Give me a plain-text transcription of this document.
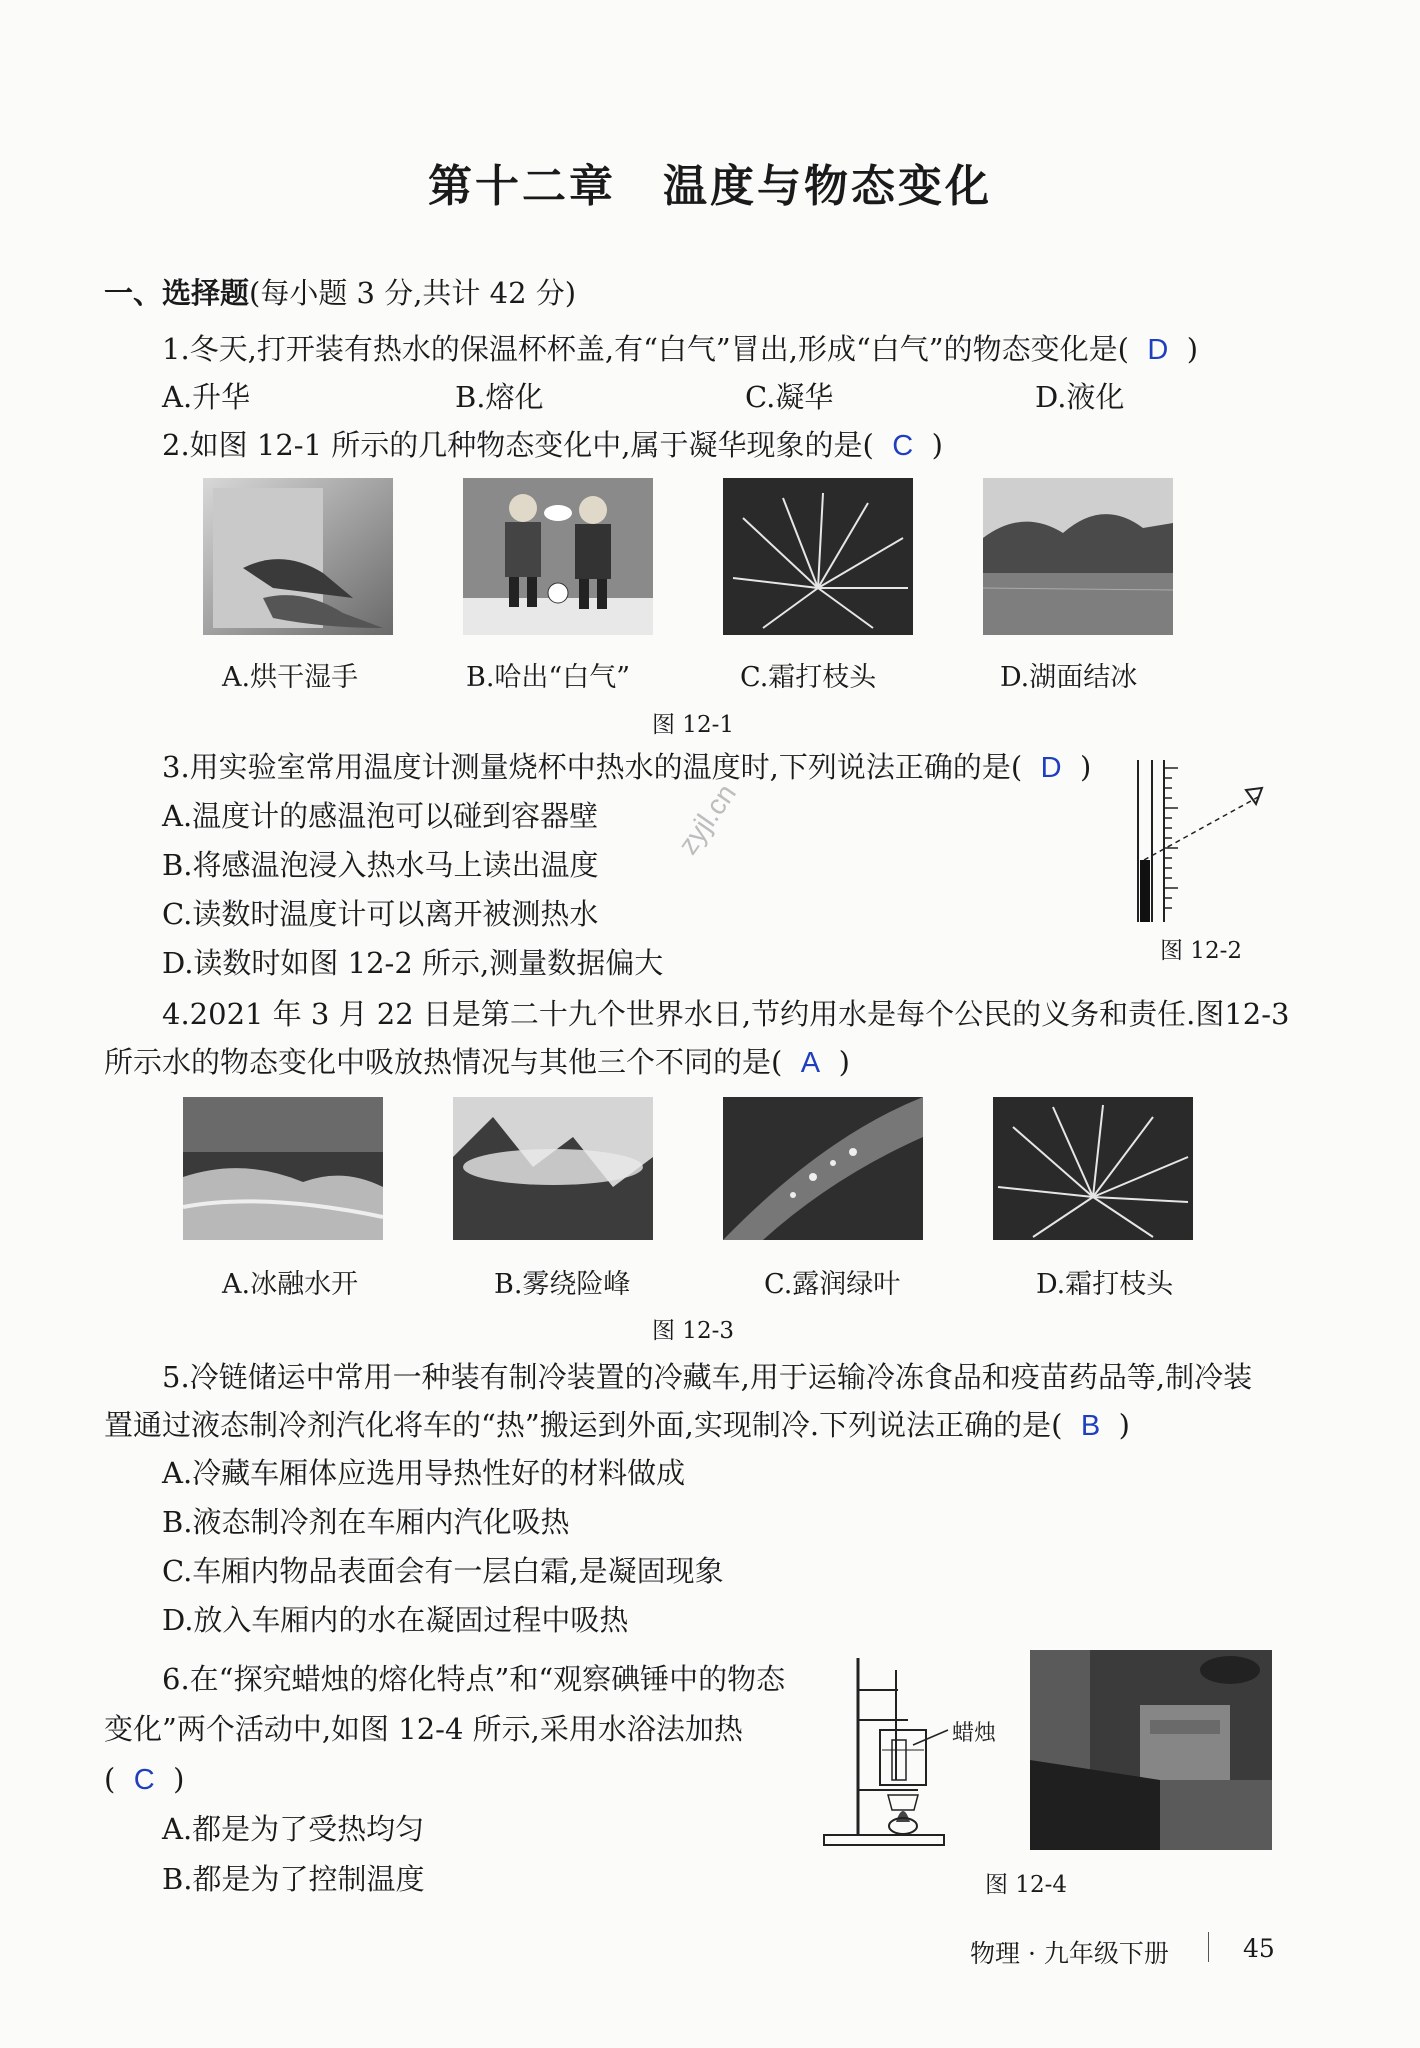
第十二章　温度与物态变化
一、选择题(每小题 3 分,共计 42 分)
1.冬天,打开装有热水的保温杯杯盖,有“白气”冒出,形成“白气”的物态变化是( D )
A.升华	B.熔化	C.凝华	D.液化
2.如图 12-1 所示的几种物态变化中,属于凝华现象的是( C )
A.烘干湿手	B.哈出“白气”	C.霜打枝头	D.湖面结冰
图 12-1
3.用实验室常用温度计测量烧杯中热水的温度时,下列说法正确的是( D )
A.温度计的感温泡可以碰到容器壁
B.将感温泡浸入热水马上读出温度
C.读数时温度计可以离开被测热水
D.读数时如图 12-2 所示,测量数据偏大
zyjl.cn
图 12-2
4.2021 年 3 月 22 日是第二十九个世界水日,节约用水是每个公民的义务和责任.图12-3
所示水的物态变化中吸放热情况与其他三个不同的是( A )
A.冰融水开	B.雾绕险峰	C.露润绿叶	D.霜打枝头
图 12-3
5.冷链储运中常用一种装有制冷装置的冷藏车,用于运输冷冻食品和疫苗药品等,制冷装
置通过液态制冷剂汽化将车的“热”搬运到外面,实现制冷.下列说法正确的是( B )
A.冷藏车厢体应选用导热性好的材料做成
B.液态制冷剂在车厢内汽化吸热
C.车厢内物品表面会有一层白霜,是凝固现象
D.放入车厢内的水在凝固过程中吸热
6.在“探究蜡烛的熔化特点”和“观察碘锤中的物态
变化”两个活动中,如图 12-4 所示,采用水浴法加热
( C )
A.都是为了受热均匀
B.都是为了控制温度
蜡烛
图 12-4
物理 · 九年级下册	45
